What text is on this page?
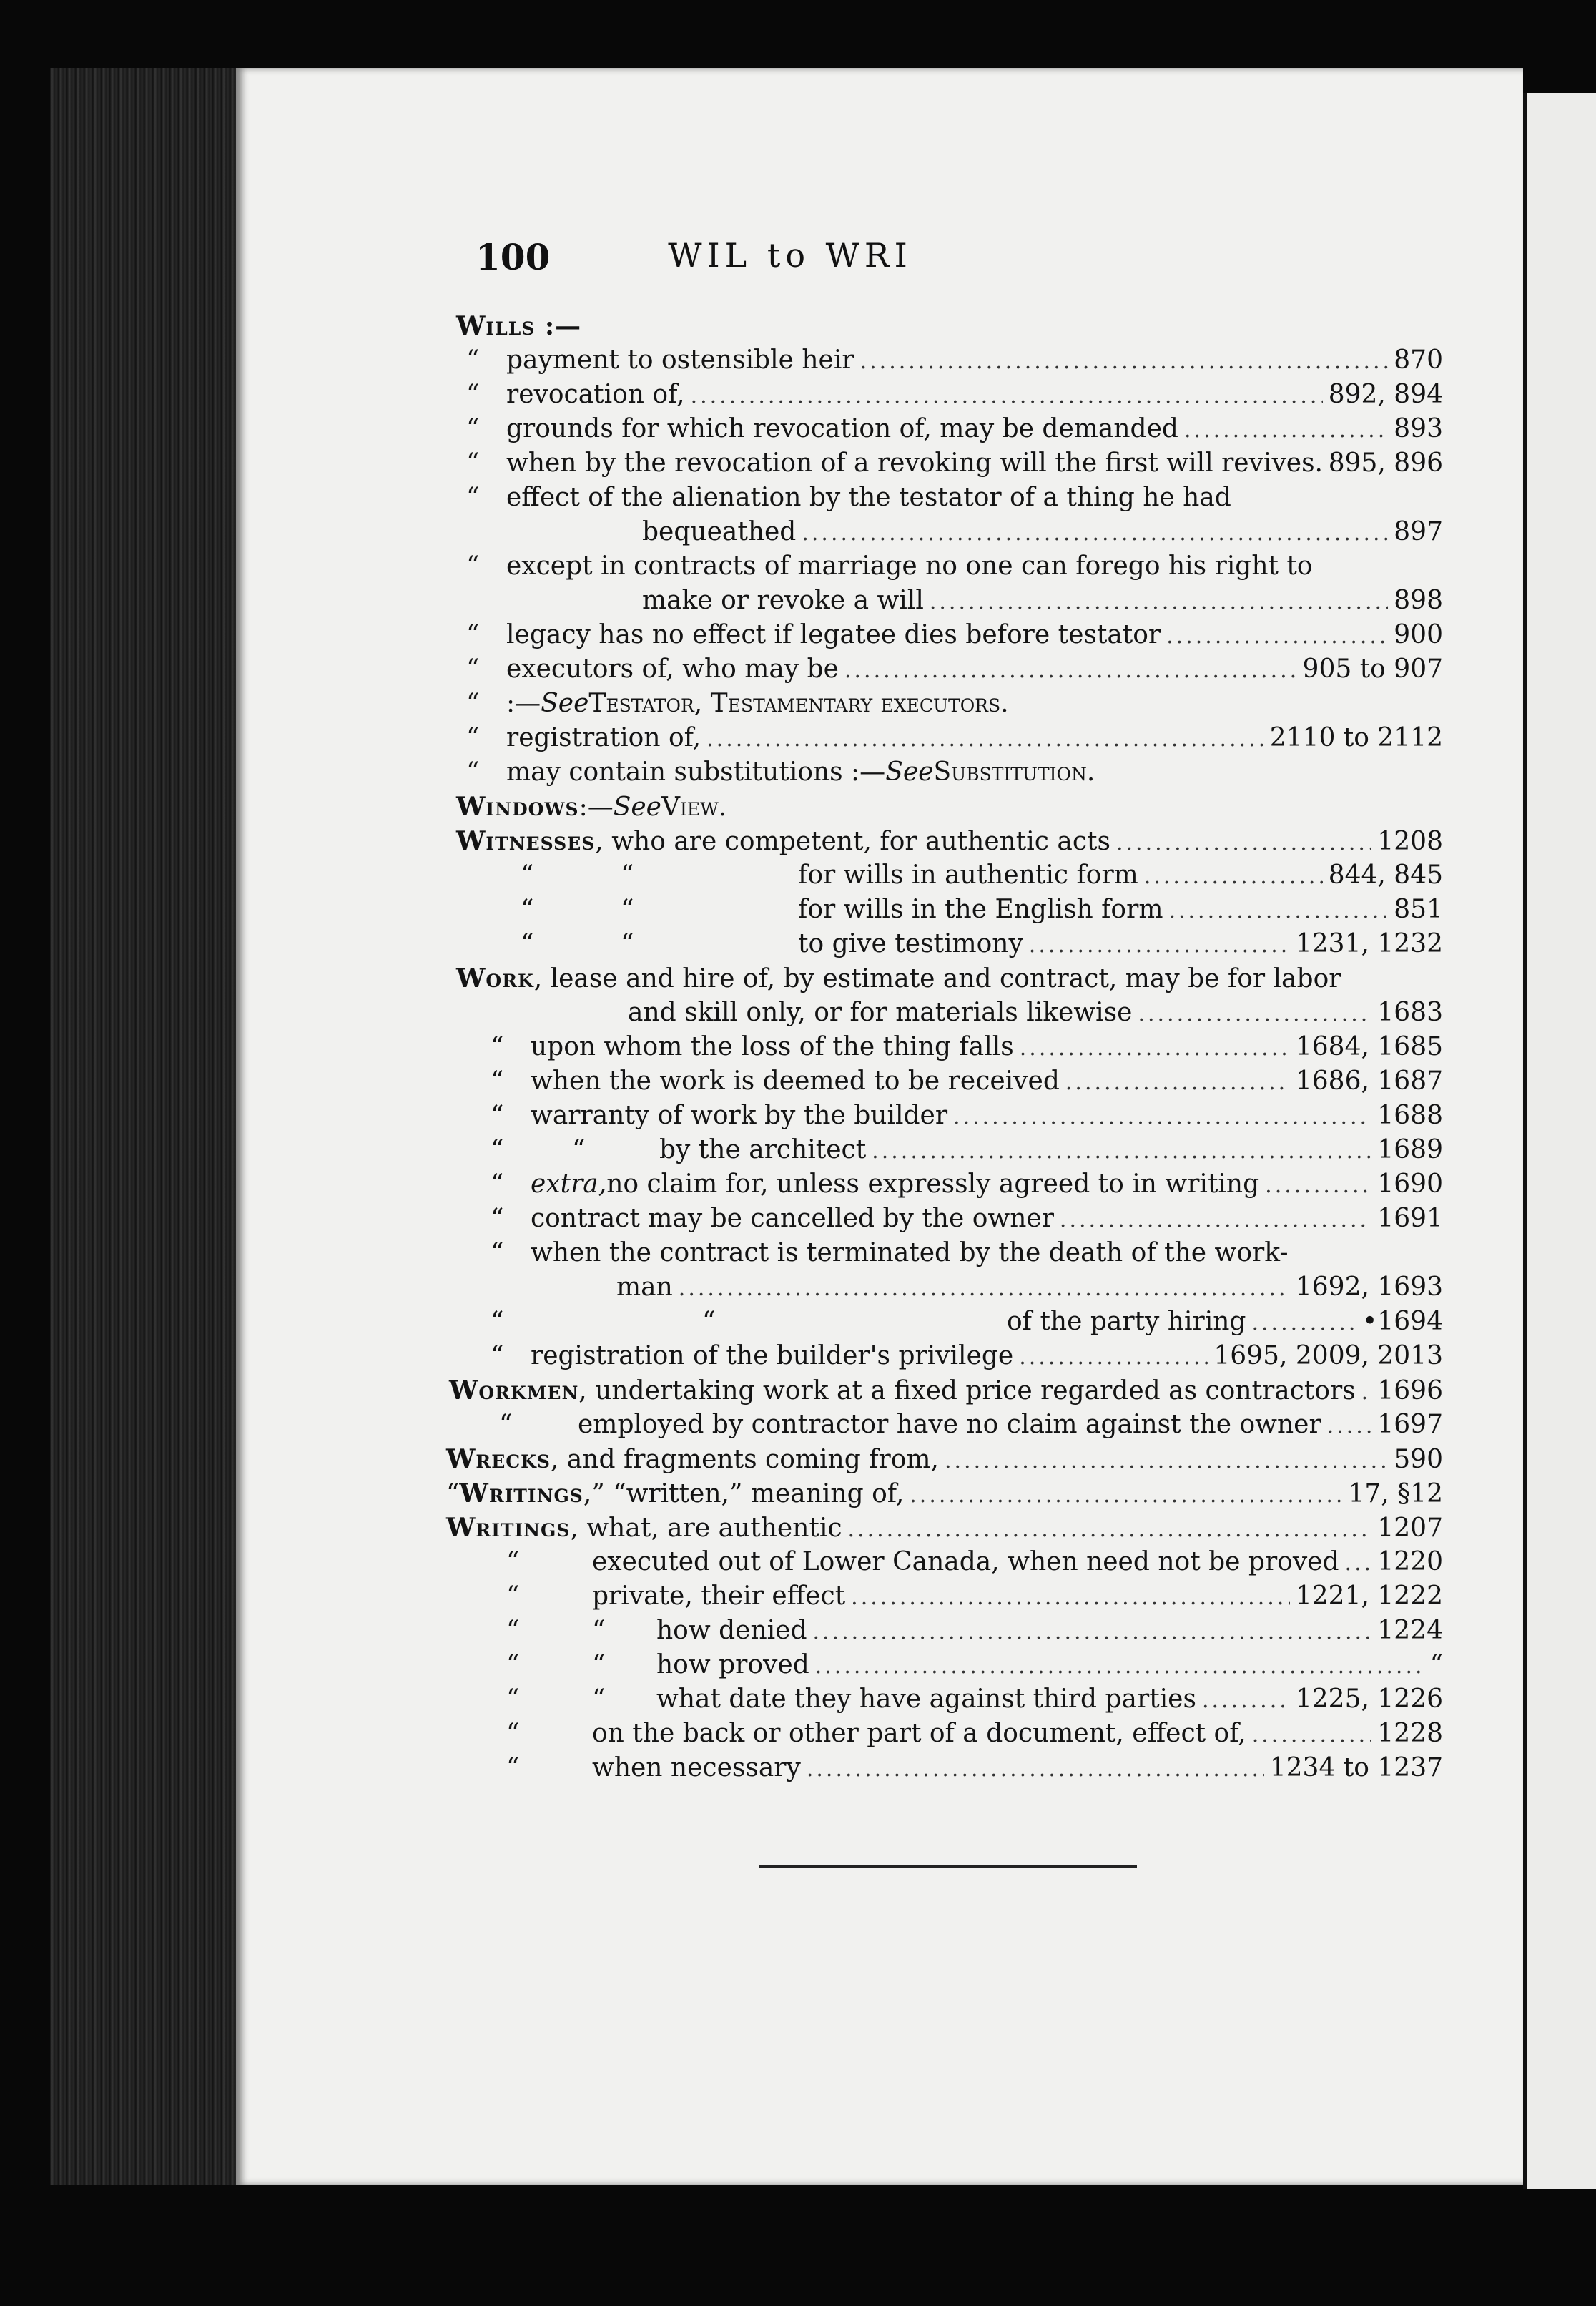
100	WIL to WRI
Wills :—
“	payment to ostensible heir .....	870
“	revocation of, .....	892, 894
“	grounds for which revocation of, may be demanded .....	893
“	when by the revocation of a revoking will the first will revives. 895, 896
“	effect of the alienation by the testator of a thing he had
bequeathed .....	897
“	except in contracts of marriage no one can forego his right to
make or revoke a will .....	898
“	legacy has no effect if legatee dies before testator .....	900
“	executors of, who may be .....	905 to 907
“	:— See Testator, Testamentary executors.
“	registration of, .....	2110 to 2112
“	may contain substitutions :— See Substitution.
Windows :— See View.
Witnesses , who are competent, for authentic acts .....	1208
“	“	for wills in authentic form .....	844, 845
“	“	for wills in the English form .....	851
“	“	to give testimony .....	1231, 1232
Work , lease and hire of, by estimate and contract, may be for labor
and skill only, or for materials likewise .....	1683
“	upon whom the loss of the thing falls .....	1684, 1685
“	when the work is deemed to be received .....	1686, 1687
“	warranty of work by the builder .....	1688
“	“	by the architect .....	1689
“	extra, no claim for, unless expressly agreed to in writing .....	1690
“	contract may be cancelled by the owner .....	1691
“	when the contract is terminated by the death of the work-
man .....	1692, 1693
“	“	of the party hiring .....	•1694
“	registration of the builder's privilege .....	1695, 2009, 2013
Workmen , undertaking work at a fixed price regarded as contractors ..... 1696
“	employed by contractor have no claim against the owner ..... 1697
Wrecks , and fragments coming from, .....	590
“ Writings ,” “written,” meaning of, .....	17, §12
Writings , what, are authentic .....	1207
“	executed out of Lower Canada, when need not be proved ..... 1220
“	private, their effect .....	1221, 1222
“	“	how denied .....	1224
“	“	how proved .....	“
“	“	what date they have against third parties .....	1225, 1226
“	on the back or other part of a document, effect of, .....	1228
“	when necessary .....	1234 to 1237
